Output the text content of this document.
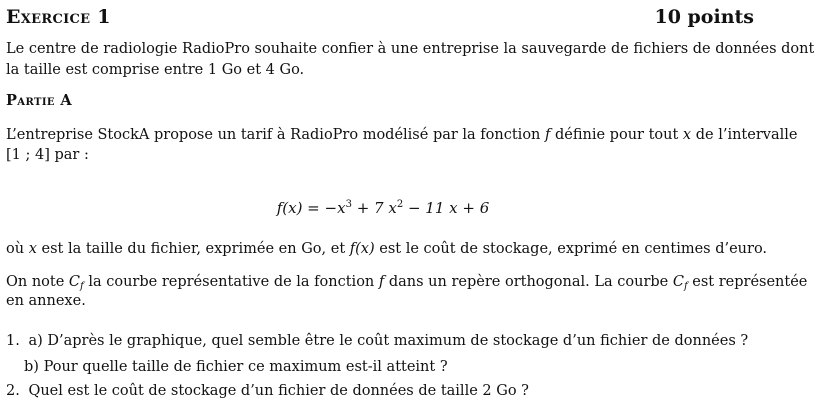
Exercice 1	10 points
Le centre de radiologie RadioPro souhaite confier à une entreprise la sauvegarde de fichiers de données dont
la taille est comprise entre 1 Go et 4 Go.
Partie A
L’entreprise StockA propose un tarif à RadioPro modélisé par la fonction f définie pour tout x de l’intervalle
[1 ; 4] par :
$f(x) = -x^3 + 7$ $x^2 - 11$ x + 6
où x est la taille du fichier, exprimée en Go, et f(x) est le coût de stockage, exprimé en centimes d’euro.
On note $C_f$ la courbe représentative de la fonction f dans un repère orthogonal. La courbe $C_f$ est représentée
en annexe.
1. a) D’après le graphique, quel semble être le coût maximum de stockage d’un fichier de données ?
b) Pour quelle taille de fichier ce maximum est-il atteint ?
2. Quel est le coût de stockage d’un fichier de données de taille 2 Go ?
